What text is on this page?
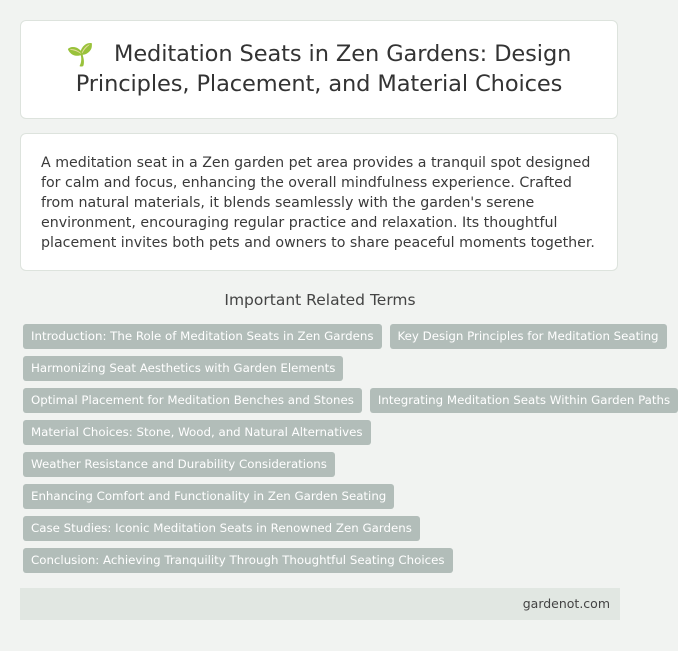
🌱 Meditation Seats in Zen Gardens: Design Principles, Placement, and Material Choices

A meditation seat in a Zen garden pet area provides a tranquil spot designed for calm and focus, enhancing the overall mindfulness experience. Crafted from natural materials, it blends seamlessly with the garden's serene environment, encouraging regular practice and relaxation. Its thoughtful placement invites both pets and owners to share peaceful moments together.

Important Related Terms
Introduction: The Role of Meditation Seats in Zen Gardens	Key Design Principles for Meditation Seating
Harmonizing Seat Aesthetics with Garden Elements
Optimal Placement for Meditation Benches and Stones	Integrating Meditation Seats Within Garden Paths
Material Choices: Stone, Wood, and Natural Alternatives
Weather Resistance and Durability Considerations
Enhancing Comfort and Functionality in Zen Garden Seating
Case Studies: Iconic Meditation Seats in Renowned Zen Gardens
Conclusion: Achieving Tranquility Through Thoughtful Seating Choices
gardenot.com
